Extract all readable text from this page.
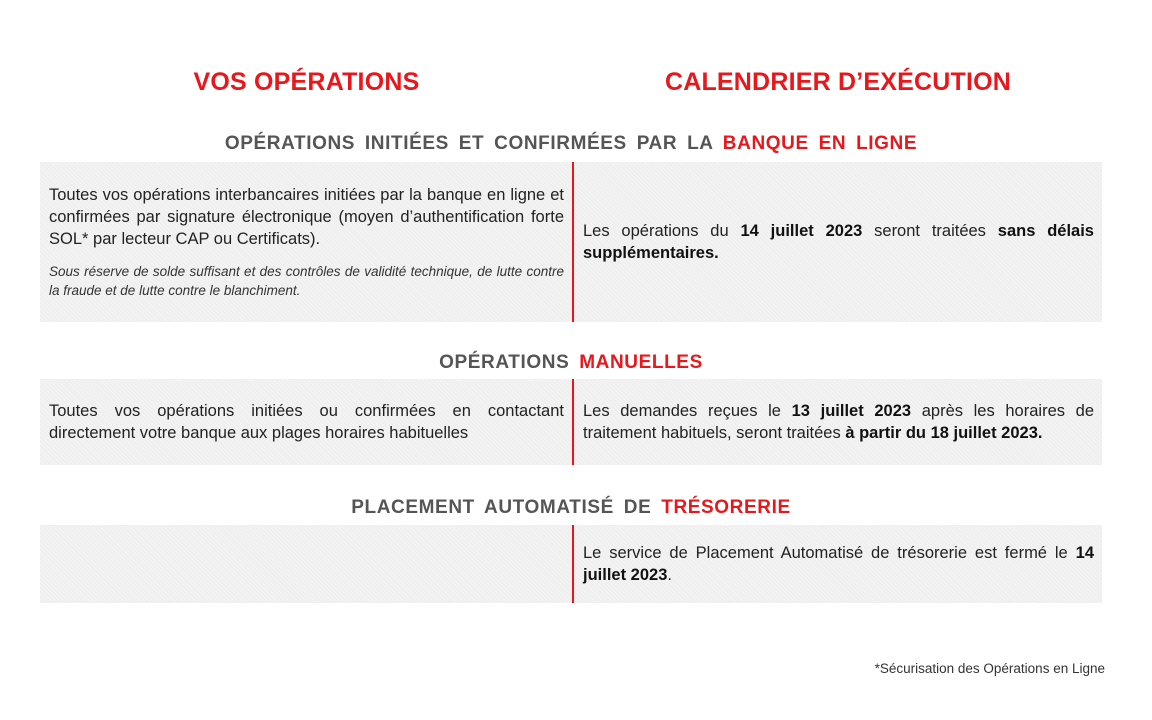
VOS OPÉRATIONS	CALENDRIER D’EXÉCUTION
OPÉRATIONS INITIÉES ET CONFIRMÉES PAR LA BANQUE EN LIGNE

Toutes vos opérations interbancaires initiées par la banque en ligne et confirmées par signature électronique (moyen d’authentification forte SOL* par lecteur CAP ou Certificats).

Sous réserve de solde suffisant et des contrôles de validité technique, de lutte contre la fraude et de lutte contre le blanchiment.

Les opérations du 14 juillet 2023 seront traitées sans délais supplémentaires.

OPÉRATIONS MANUELLES

Toutes vos opérations initiées ou confirmées en contactant directement votre banque aux plages horaires habituelles

Les demandes reçues le 13 juillet 2023 après les horaires de traitement habituels, seront traitées à partir du 18 juillet 2023.

PLACEMENT AUTOMATISÉ DE TRÉSORERIE

Le service de Placement Automatisé de trésorerie est fermé le 14 juillet 2023.

*Sécurisation des Opérations en Ligne
